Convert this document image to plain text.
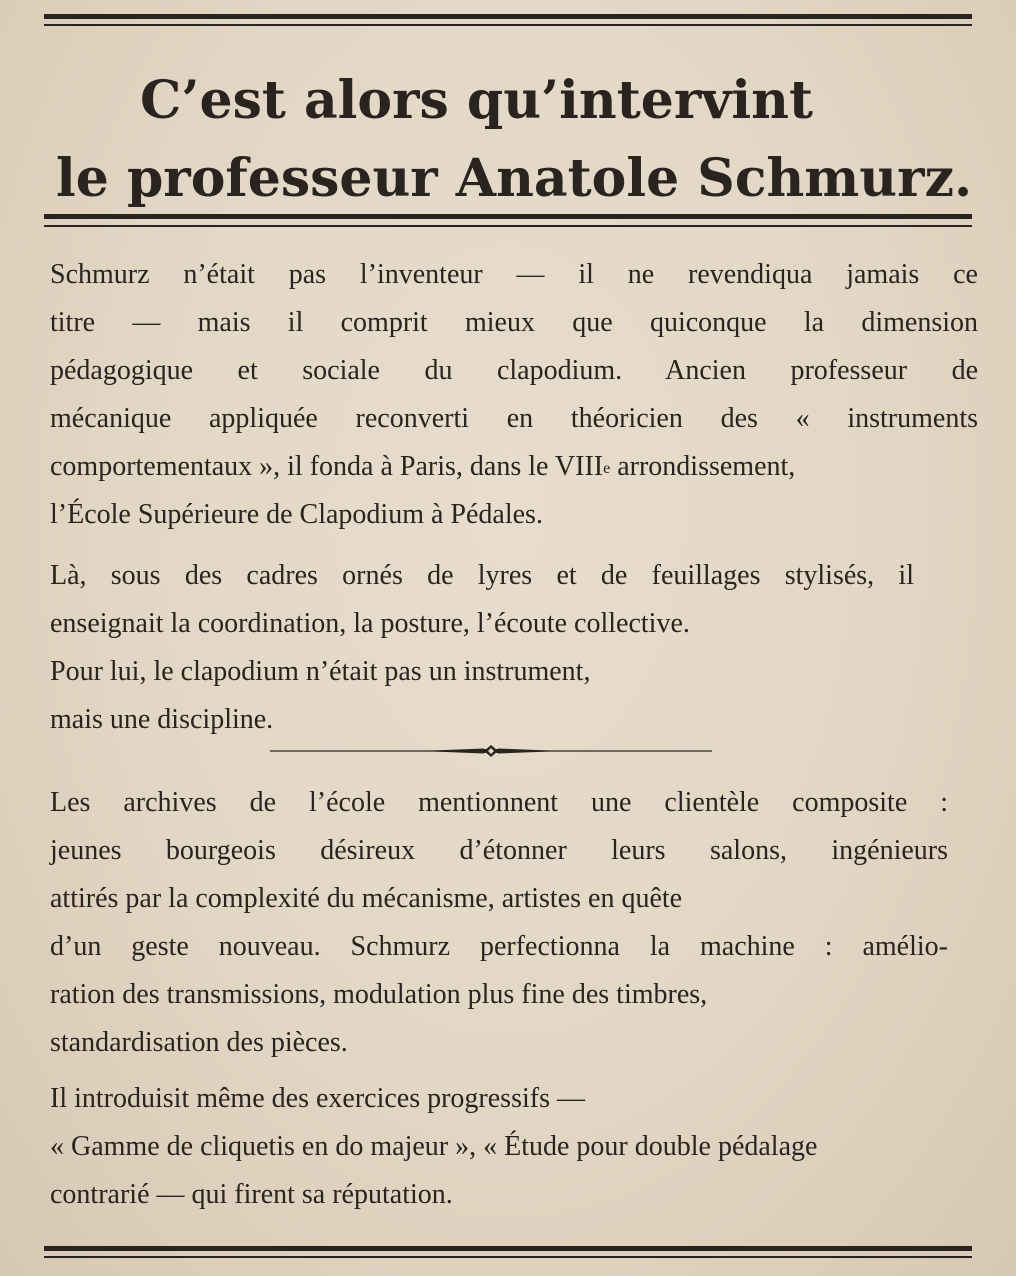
C’est alors qu’intervint
le professeur Anatole Schmurz.

Schmurz n’était pas l’inventeur — il ne revendiqua jamais ce
titre — mais il comprit mieux que quiconque la dimension
pédagogique et sociale du clapodium. Ancien professeur de
mécanique appliquée reconverti en théoricien des « instruments
comportementaux », il fonda à Paris, dans le VIIIe arrondissement,
l’École Supérieure de Clapodium à Pédales.

Là, sous des cadres ornés de lyres et de feuillages stylisés, il
enseignait la coordination, la posture, l’écoute collective.
Pour lui, le clapodium n’était pas un instrument,
mais une discipline.

Les archives de l’école mentionnent une clientèle composite :
jeunes bourgeois désireux d’étonner leurs salons, ingénieurs
attirés par la complexité du mécanisme, artistes en quête
d’un geste nouveau. Schmurz perfectionna la machine : amélio-
ration des transmissions, modulation plus fine des timbres,
standardisation des pièces.

Il introduisit même des exercices progressifs —
« Gamme de cliquetis en do majeur », « Étude pour double pédalage
contrarié — qui firent sa réputation.
